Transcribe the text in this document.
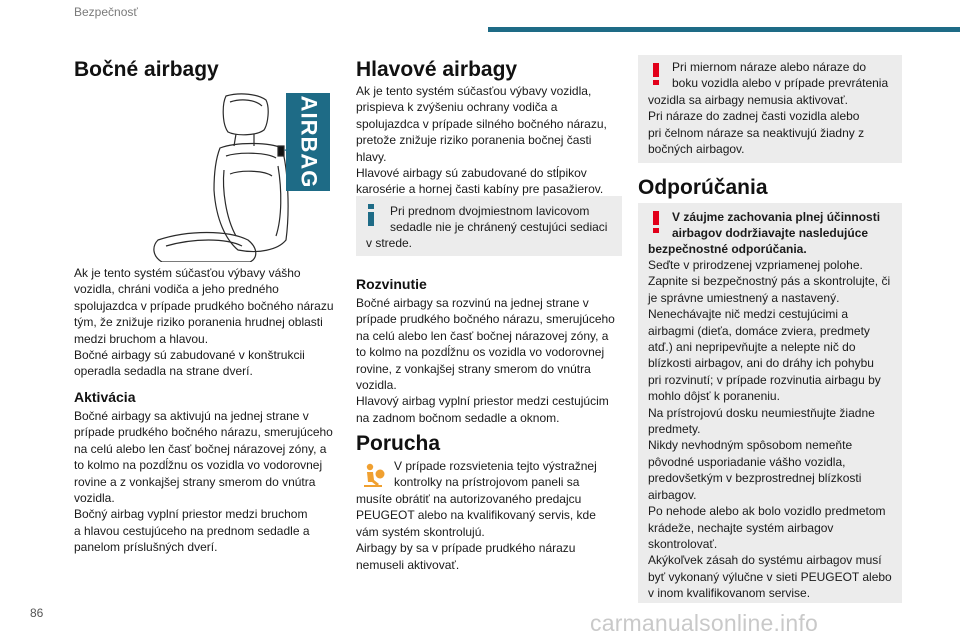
Bezpečnosť
Bočné airbagy
AIRBAG

Ak je tento systém súčasťou výbavy vášho
vozidla, chráni vodiča a jeho predného
spolujazdca v prípade prudkého bočného nárazu
tým, že znižuje riziko poranenia hrudnej oblasti
medzi bruchom a hlavou.
Bočné airbagy sú zabudované v konštrukcii
operadla sedadla na strane dverí.

Aktivácia

Bočné airbagy sa aktivujú na jednej strane v
prípade prudkého bočného nárazu, smerujúceho
na celú alebo len časť bočnej nárazovej zóny, a
to kolmo na pozdĺžnu os vozidla vo vodorovnej
rovine a z vonkajšej strany smerom do vnútra
vozidla.
Bočný airbag vyplní priestor medzi bruchom
a hlavou cestujúceho na prednom sedadle a
panelom príslušných dverí.

Hlavové airbagy

Ak je tento systém súčasťou výbavy vozidla,
prispieva k zvýšeniu ochrany vodiča a
spolujazdca v prípade silného bočného nárazu,
pretože znižuje riziko poranenia bočnej časti
hlavy.
Hlavové airbagy sú zabudované do stĺpikov
karosérie a hornej časti kabíny pre pasažierov.

Pri prednom dvojmiestnom lavicovom
sedadle nie je chránený cestujúci sediaci
v strede.
Rozvinutie

Bočné airbagy sa rozvinú na jednej strane v
prípade prudkého bočného nárazu, smerujúceho
na celú alebo len časť bočnej nárazovej zóny, a
to kolmo na pozdĺžnu os vozidla vo vodorovnej
rovine, z vonkajšej strany smerom do vnútra
vozidla.
Hlavový airbag vyplní priestor medzi cestujúcim
na zadnom bočnom sedadle a oknom.

Porucha
V prípade rozsvietenia tejto výstražnej
kontrolky na prístrojovom paneli sa

musíte obrátiť na autorizovaného predajcu
PEUGEOT alebo na kvalifikovaný servis, kde
vám systém skontrolujú.
Airbagy by sa v prípade prudkého nárazu
nemuseli aktivovať.

Pri miernom náraze alebo náraze do
boku vozidla alebo v prípade prevrátenia
vozidla sa airbagy nemusia aktivovať.
Pri náraze do zadnej časti vozidla alebo
pri čelnom náraze sa neaktivujú žiadny z
bočných airbagov.
Odporúčania
V záujme zachovania plnej účinnosti
airbagov dodržiavajte nasledujúce
bezpečnostné odporúčania.
Seďte v prirodzenej vzpriamenej polohe.
Zapnite si bezpečnostný pás a skontrolujte, či
je správne umiestnený a nastavený.
Nenechávajte nič medzi cestujúcimi a
airbagmi (dieťa, domáce zviera, predmety
atď.) ani nepripevňujte a nelepte nič do
blízkosti airbagov, ani do dráhy ich pohybu
pri rozvinutí; v prípade rozvinutia airbagu by
mohlo dôjsť k poraneniu.
Na prístrojovú dosku neumiestňujte žiadne
predmety.
Nikdy nevhodným spôsobom nemeňte
pôvodné usporiadanie vášho vozidla,
predovšetkým v bezprostrednej blízkosti
airbagov.
Po nehode alebo ak bolo vozidlo predmetom
krádeže, nechajte systém airbagov
skontrolovať.
Akýkoľvek zásah do systému airbagov musí
byť vykonaný výlučne v sieti PEUGEOT alebo
v inom kvalifikovanom servise.
86	carmanualsonline.info
